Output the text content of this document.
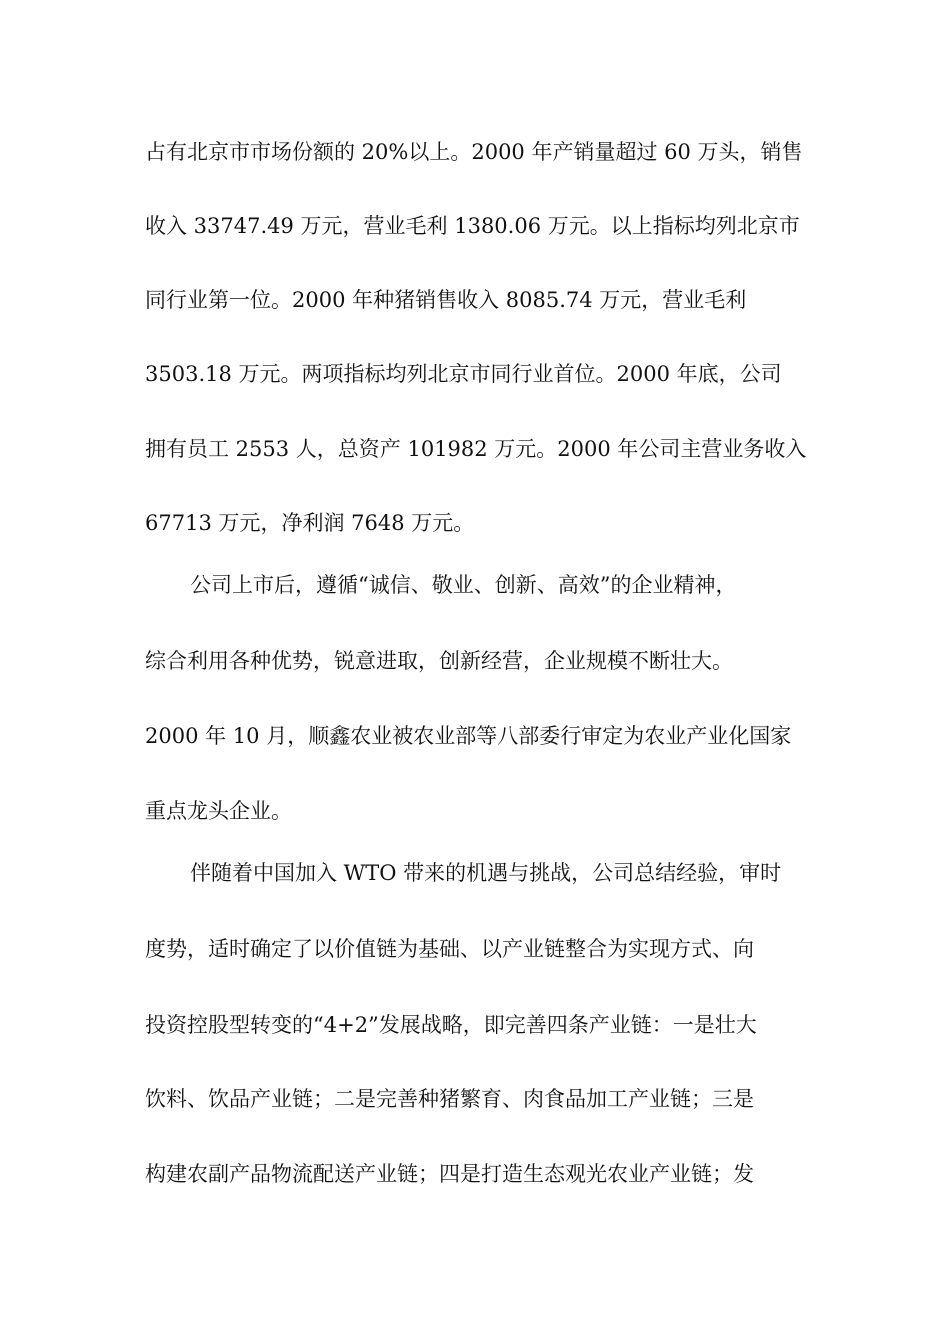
占有北京市市场份额的 20%以上。2000 年产销量超过 60 万头，销售
收入 33747.49 万元，营业毛利 1380.06 万元。以上指标均列北京市
同行业第一位。2000 年种猪销售收入 8085.74 万元，营业毛利
3503.18 万元。两项指标均列北京市同行业首位。2000 年底，公司
拥有员工 2553 人，总资产 101982 万元。2000 年公司主营业务收入
67713 万元，净利润 7648 万元。
公司上市后，遵循“诚信、敬业、创新、高效”的企业精神，
综合利用各种优势，锐意进取，创新经营，企业规模不断壮大。
2000 年 10 月，顺鑫农业被农业部等八部委行审定为农业产业化国家
重点龙头企业。
伴随着中国加入 WTO 带来的机遇与挑战，公司总结经验，审时
度势，适时确定了以价值链为基础、以产业链整合为实现方式、向
投资控股型转变的“4+2”发展战略，即完善四条产业链：一是壮大
饮料、饮品产业链；二是完善种猪繁育、肉食品加工产业链；三是
构建农副产品物流配送产业链；四是打造生态观光农业产业链；发
